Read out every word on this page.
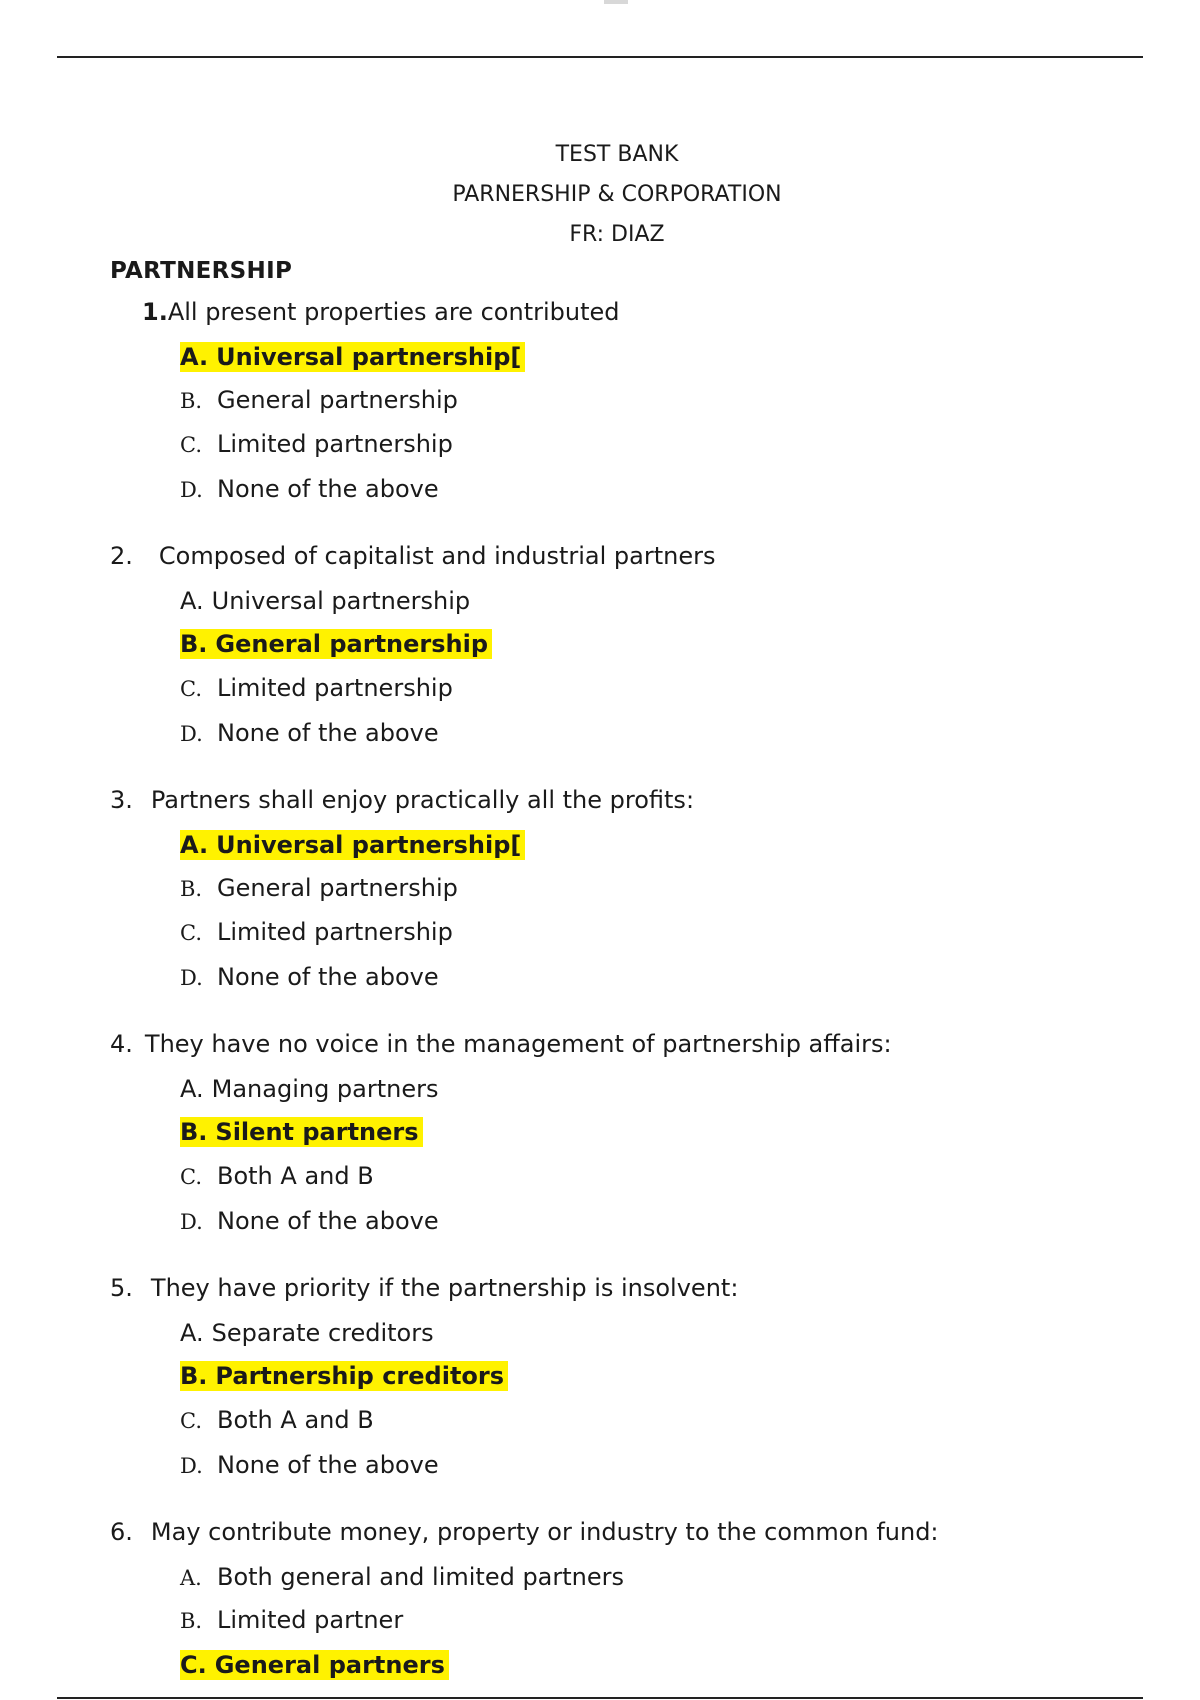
TEST BANK
PARNERSHIP & CORPORATION
FR: DIAZ
PARTNERSHIP
1.All present properties are contributed
A. Universal partnership[
B. General partnership
C. Limited partnership
D. None of the above
2. Composed of capitalist and industrial partners
A. Universal partnership
B. General partnership
C. Limited partnership
D. None of the above
3. Partners shall enjoy practically all the profits:
A. Universal partnership[
B. General partnership
C. Limited partnership
D. None of the above
4. They have no voice in the management of partnership affairs:
A. Managing partners
B. Silent partners
C. Both A and B
D. None of the above
5. They have priority if the partnership is insolvent:
A. Separate creditors
B. Partnership creditors
C. Both A and B
D. None of the above
6. May contribute money, property or industry to the common fund:
A. Both general and limited partners
B. Limited partner
C. General partners
